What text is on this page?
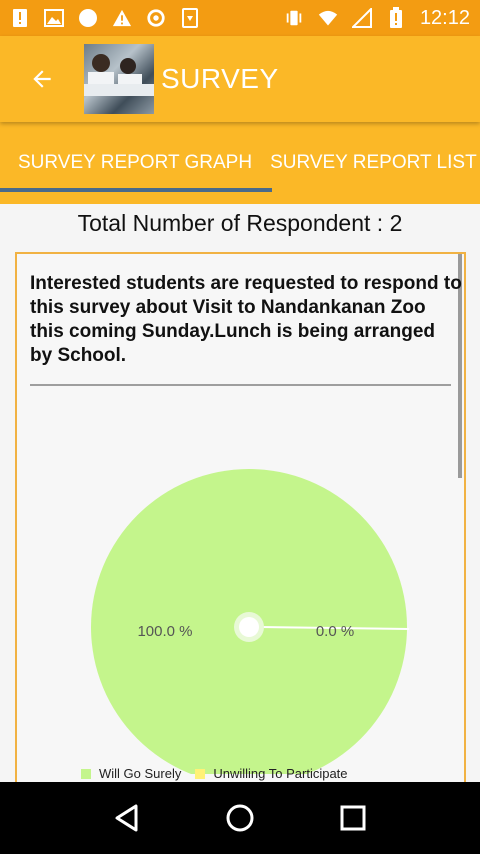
12:12
SURVEY
SURVEY REPORT GRAPH SURVEY REPORT LIST
Total Number of Respondent : 2
Interested students are requested to respond to this survey about Visit to Nandankanan Zoo this coming Sunday.Lunch is being arranged by School.
100.0 %	0.0 %
Will Go Surely Unwilling To Participate
